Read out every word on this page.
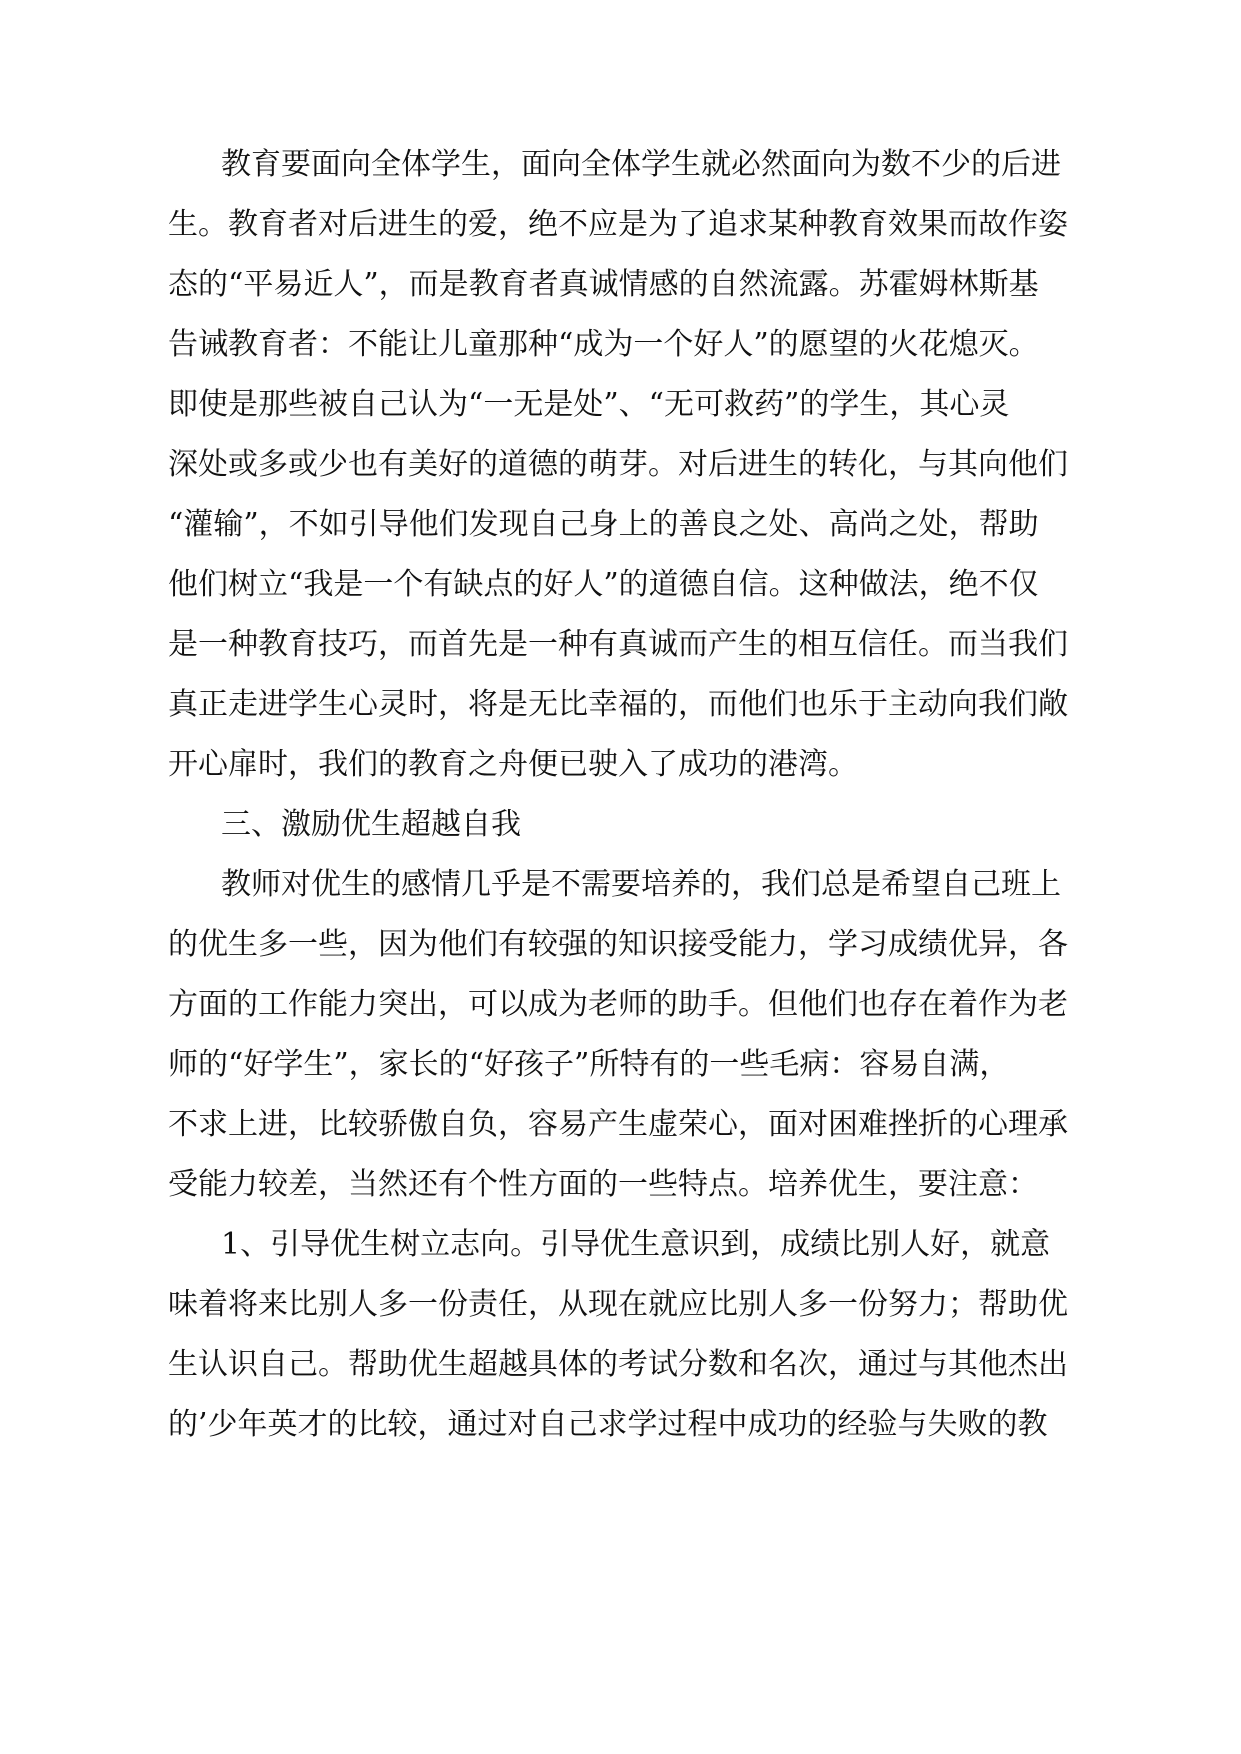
教育要面向全体学生，面向全体学生就必然面向为数不少的后进
生。教育者对后进生的爱，绝不应是为了追求某种教育效果而故作姿
态的“平易近人”，而是教育者真诚情感的自然流露。苏霍姆林斯基
告诫教育者：不能让儿童那种“成为一个好人”的愿望的火花熄灭。
即使是那些被自己认为“一无是处”、“无可救药”的学生，其心灵
深处或多或少也有美好的道德的萌芽。对后进生的转化，与其向他们
“灌输”，不如引导他们发现自己身上的善良之处、高尚之处，帮助
他们树立“我是一个有缺点的好人”的道德自信。这种做法，绝不仅
是一种教育技巧，而首先是一种有真诚而产生的相互信任。而当我们
真正走进学生心灵时，将是无比幸福的，而他们也乐于主动向我们敞
开心扉时，我们的教育之舟便已驶入了成功的港湾。
三、激励优生超越自我
教师对优生的感情几乎是不需要培养的，我们总是希望自己班上
的优生多一些，因为他们有较强的知识接受能力，学习成绩优异，各
方面的工作能力突出，可以成为老师的助手。但他们也存在着作为老
师的“好学生”，家长的“好孩子”所特有的一些毛病：容易自满，
不求上进，比较骄傲自负，容易产生虚荣心，面对困难挫折的心理承
受能力较差，当然还有个性方面的一些特点。培养优生，要注意：
1、引导优生树立志向。引导优生意识到，成绩比别人好，就意
味着将来比别人多一份责任，从现在就应比别人多一份努力；帮助优
生认识自己。帮助优生超越具体的考试分数和名次，通过与其他杰出
的’少年英才的比较，通过对自己求学过程中成功的经验与失败的教
